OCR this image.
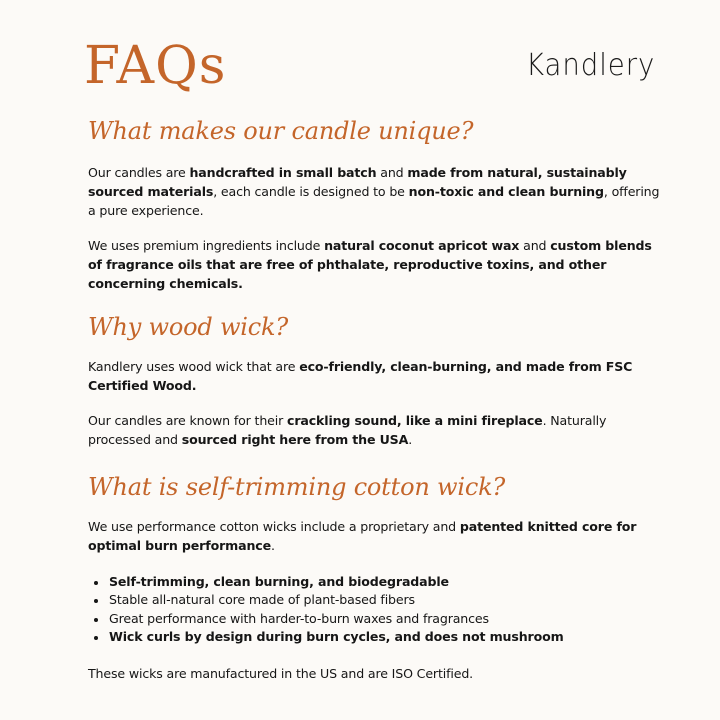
FAQs	Kandlery
What makes our candle unique?

Our candles are handcrafted in small batch and made from natural, sustainably sourced materials, each candle is designed to be non-toxic and clean burning, offering a pure experience.

We uses premium ingredients include natural coconut apricot wax and custom blends of fragrance oils that are free of phthalate, reproductive toxins, and other concerning chemicals.

Why wood wick?

Kandlery uses wood wick that are eco-friendly, clean-burning, and made from FSC Certified Wood.

Our candles are known for their crackling sound, like a mini fireplace. Naturally processed and sourced right here from the USA.

What is self-trimming cotton wick?

We use performance cotton wicks include a proprietary and patented knitted core for optimal burn performance.

• Self-trimming, clean burning, and biodegradable
• Stable all-natural core made of plant-based fibers
• Great performance with harder-to-burn waxes and fragrances
• Wick curls by design during burn cycles, and does not mushroom

These wicks are manufactured in the US and are ISO Certified.
